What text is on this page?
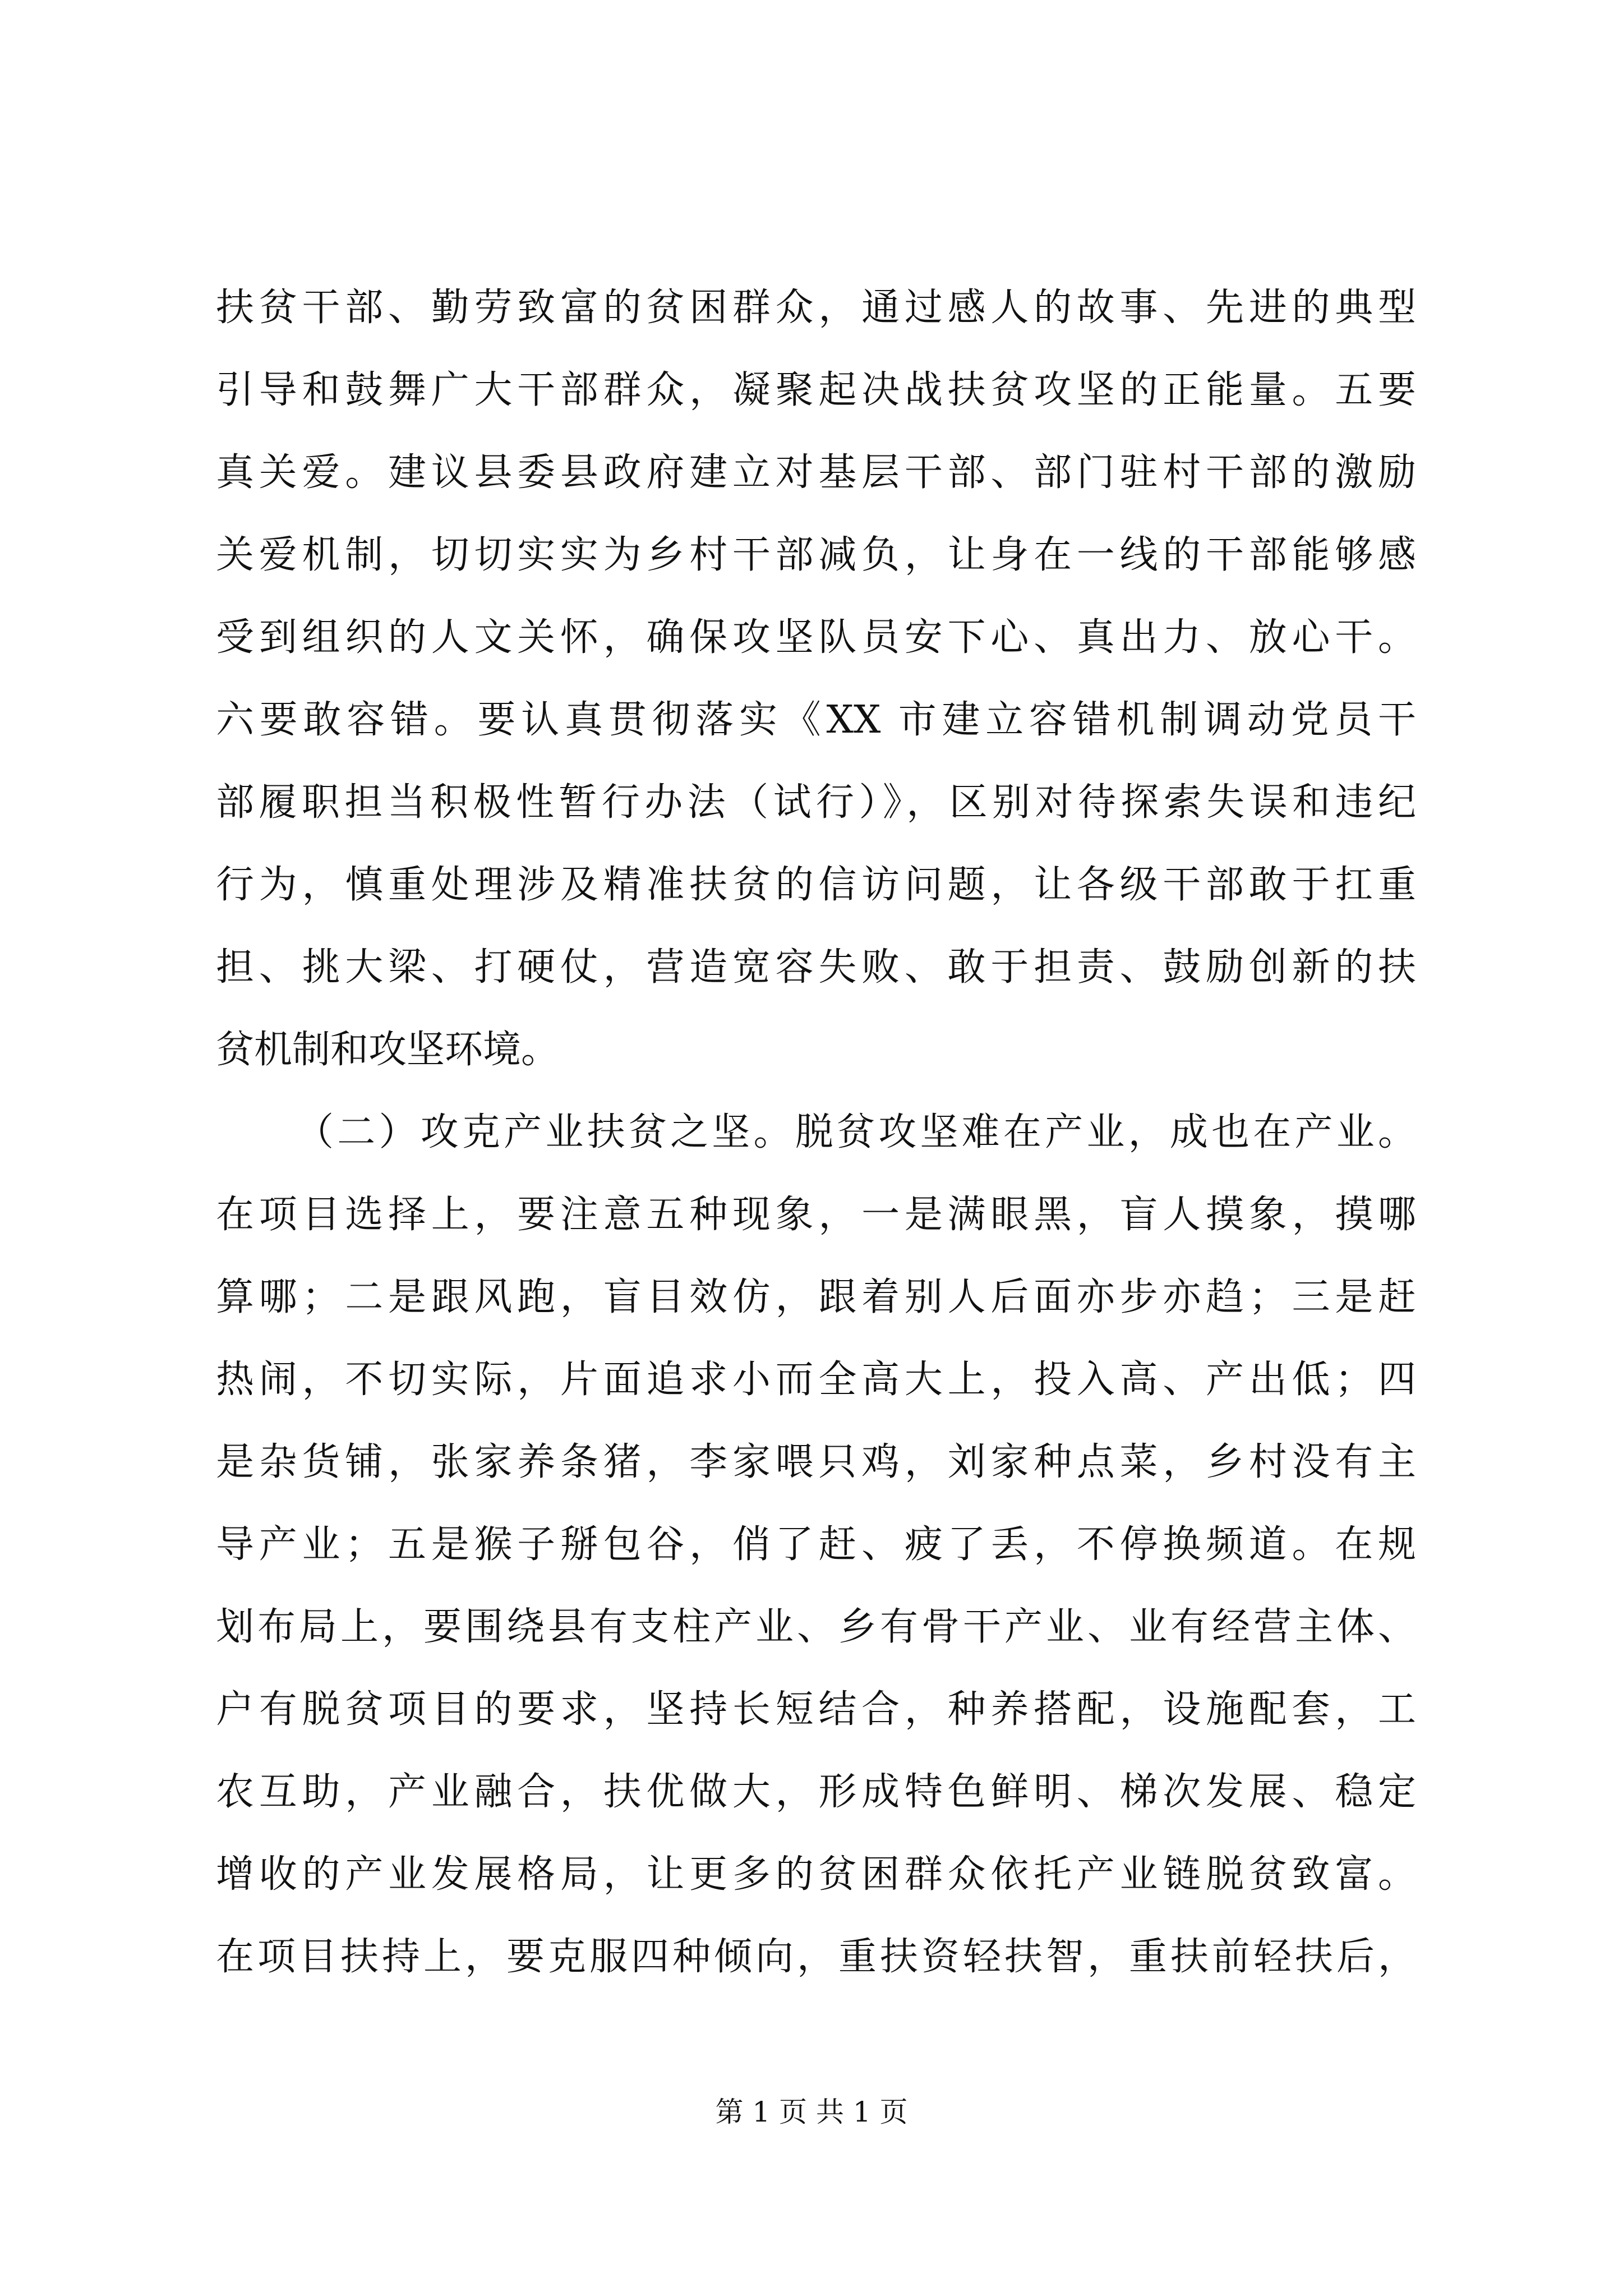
扶贫干部、勤劳致富的贫困群众，通过感人的故事、先进的典型
引导和鼓舞广大干部群众，凝聚起决战扶贫攻坚的正能量。五要
真关爱。建议县委县政府建立对基层干部、部门驻村干部的激励
关爱机制，切切实实为乡村干部减负，让身在一线的干部能够感
受到组织的人文关怀，确保攻坚队员安下心、真出力、放心干。
六要敢容错。要认真贯彻落实《XX 市建立容错机制调动党员干
部履职担当积极性暂行办法（试行）》，区别对待探索失误和违纪
行为，慎重处理涉及精准扶贫的信访问题，让各级干部敢于扛重
担、挑大梁、打硬仗，营造宽容失败、敢于担责、鼓励创新的扶
贫机制和攻坚环境。
（二）攻克产业扶贫之坚。脱贫攻坚难在产业，成也在产业。
在项目选择上，要注意五种现象，一是满眼黑，盲人摸象，摸哪
算哪；二是跟风跑，盲目效仿，跟着别人后面亦步亦趋；三是赶
热闹，不切实际，片面追求小而全高大上，投入高、产出低；四
是杂货铺，张家养条猪，李家喂只鸡，刘家种点菜，乡村没有主
导产业；五是猴子掰包谷，俏了赶、疲了丢，不停换频道。在规
划布局上，要围绕县有支柱产业、乡有骨干产业、业有经营主体、
户有脱贫项目的要求，坚持长短结合，种养搭配，设施配套，工
农互助，产业融合，扶优做大，形成特色鲜明、梯次发展、稳定
增收的产业发展格局，让更多的贫困群众依托产业链脱贫致富。
在项目扶持上，要克服四种倾向，重扶资轻扶智，重扶前轻扶后，
第 1 页 共 1 页
